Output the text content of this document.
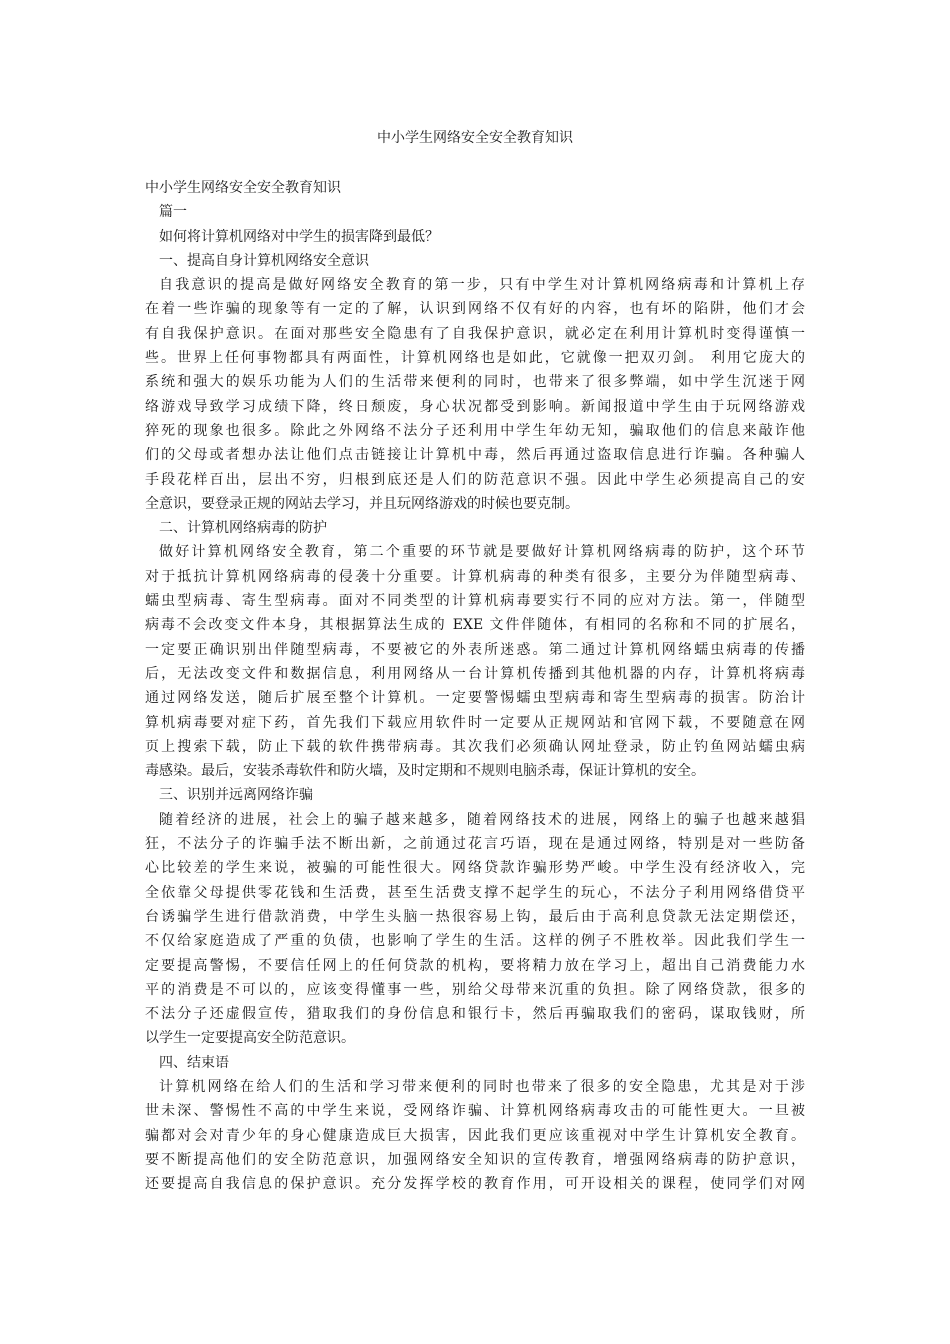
中小学生网络安全安全教育知识
中小学生网络安全安全教育知识
篇一
如何将计算机网络对中学生的损害降到最低？
一、提高自身计算机网络安全意识
自我意识的提高是做好网络安全教育的第一步，只有中学生对计算机网络病毒和计算机上存
在着一些诈骗的现象等有一定的了解，认识到网络不仅有好的内容，也有坏的陷阱，他们才会
有自我保护意识。在面对那些安全隐患有了自我保护意识，就必定在利用计算机时变得谨慎一
些。世界上任何事物都具有两面性，计算机网络也是如此，它就像一把双刃剑。 利用它庞大的
系统和强大的娱乐功能为人们的生活带来便利的同时，也带来了很多弊端，如中学生沉迷于网
络游戏导致学习成绩下降，终日颓废，身心状况都受到影响。新闻报道中学生由于玩网络游戏
猝死的现象也很多。除此之外网络不法分子还利用中学生年幼无知，骗取他们的信息来敲诈他
们的父母或者想办法让他们点击链接让计算机中毒，然后再通过盗取信息进行诈骗。各种骗人
手段花样百出，层出不穷，归根到底还是人们的防范意识不强。因此中学生必须提高自己的安
全意识，要登录正规的网站去学习，并且玩网络游戏的时候也要克制。
二、计算机网络病毒的防护
做好计算机网络安全教育，第二个重要的环节就是要做好计算机网络病毒的防护，这个环节
对于抵抗计算机网络病毒的侵袭十分重要。计算机病毒的种类有很多，主要分为伴随型病毒、
蠕虫型病毒、寄生型病毒。面对不同类型的计算机病毒要实行不同的应对方法。第一，伴随型
病毒不会改变文件本身，其根据算法生成的 EXE 文件伴随体，有相同的名称和不同的扩展名，
一定要正确识别出伴随型病毒，不要被它的外表所迷惑。第二通过计算机网络蠕虫病毒的传播
后，无法改变文件和数据信息，利用网络从一台计算机传播到其他机器的内存，计算机将病毒
通过网络发送，随后扩展至整个计算机。一定要警惕蠕虫型病毒和寄生型病毒的损害。防治计
算机病毒要对症下药，首先我们下载应用软件时一定要从正规网站和官网下载，不要随意在网
页上搜索下载，防止下载的软件携带病毒。其次我们必须确认网址登录，防止钓鱼网站蠕虫病
毒感染。最后，安装杀毒软件和防火墙，及时定期和不规则电脑杀毒，保证计算机的安全。
三、识别并远离网络诈骗
随着经济的进展，社会上的骗子越来越多，随着网络技术的进展，网络上的骗子也越来越猖
狂，不法分子的诈骗手法不断出新，之前通过花言巧语，现在是通过网络，特别是对一些防备
心比较差的学生来说，被骗的可能性很大。网络贷款诈骗形势严峻。中学生没有经济收入，完
全依靠父母提供零花钱和生活费，甚至生活费支撑不起学生的玩心，不法分子利用网络借贷平
台诱骗学生进行借款消费，中学生头脑一热很容易上钩，最后由于高利息贷款无法定期偿还，
不仅给家庭造成了严重的负债，也影响了学生的生活。这样的例子不胜枚举。因此我们学生一
定要提高警惕，不要信任网上的任何贷款的机构，要将精力放在学习上，超出自己消费能力水
平的消费是不可以的，应该变得懂事一些，别给父母带来沉重的负担。除了网络贷款，很多的
不法分子还虚假宣传，猎取我们的身份信息和银行卡，然后再骗取我们的密码，谋取钱财，所
以学生一定要提高安全防范意识。
四、结束语
计算机网络在给人们的生活和学习带来便利的同时也带来了很多的安全隐患，尤其是对于涉
世未深、警惕性不高的中学生来说，受网络诈骗、计算机网络病毒攻击的可能性更大。一旦被
骗都对会对青少年的身心健康造成巨大损害，因此我们更应该重视对中学生计算机安全教育。
要不断提高他们的安全防范意识，加强网络安全知识的宣传教育，增强网络病毒的防护意识，
还要提高自我信息的保护意识。充分发挥学校的教育作用，可开设相关的课程，使同学们对网
